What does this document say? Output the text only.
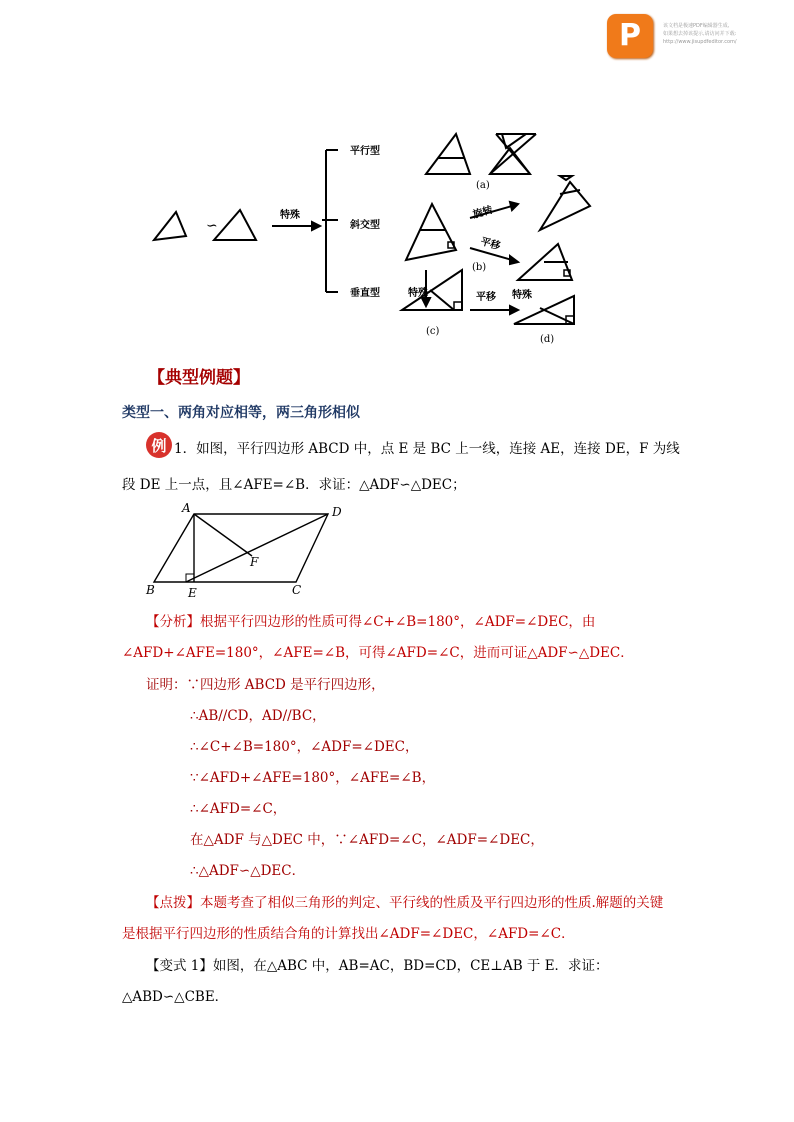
P	该文档是极速PDF编辑器生成,
如果想去掉该提示,请访问并下载:
http://www.jisupdfeditor.com/
∽
特殊
平行型
斜交型
垂直型
旋转
平移
特殊	平移 特殊
(a)
(b)
(c)
(d)
【典型例题】
类型一、两角对应相等，两三角形相似
例 1．如图，平行四边形 ABCD 中，点 E 是 BC 上一线，连接 AE，连接 DE，F 为线
段 DE 上一点，且∠AFE=∠B．求证：△ADF∽△DEC；
A	D
F
B	E	C
【分析】根据平行四边形的性质可得∠C+∠B=180°，∠ADF=∠DEC，由
∠AFD+∠AFE=180°，∠AFE=∠B，可得∠AFD=∠C，进而可证△ADF∽△DEC．
证明：∵四边形 ABCD 是平行四边形，
∴AB//CD，AD//BC，
∴∠C+∠B=180°，∠ADF=∠DEC，
∵∠AFD+∠AFE=180°，∠AFE=∠B，
∴∠AFD=∠C，
在△ADF 与△DEC 中，∵∠AFD=∠C，∠ADF=∠DEC，
∴△ADF∽△DEC．
【点拨】本题考查了相似三角形的判定、平行线的性质及平行四边形的性质.解题的关键
是根据平行四边形的性质结合角的计算找出∠ADF=∠DEC，∠AFD=∠C．
【变式 1】如图，在△ABC 中，AB=AC，BD=CD，CE⊥AB 于 E．求证：
△ABD∽△CBE．
